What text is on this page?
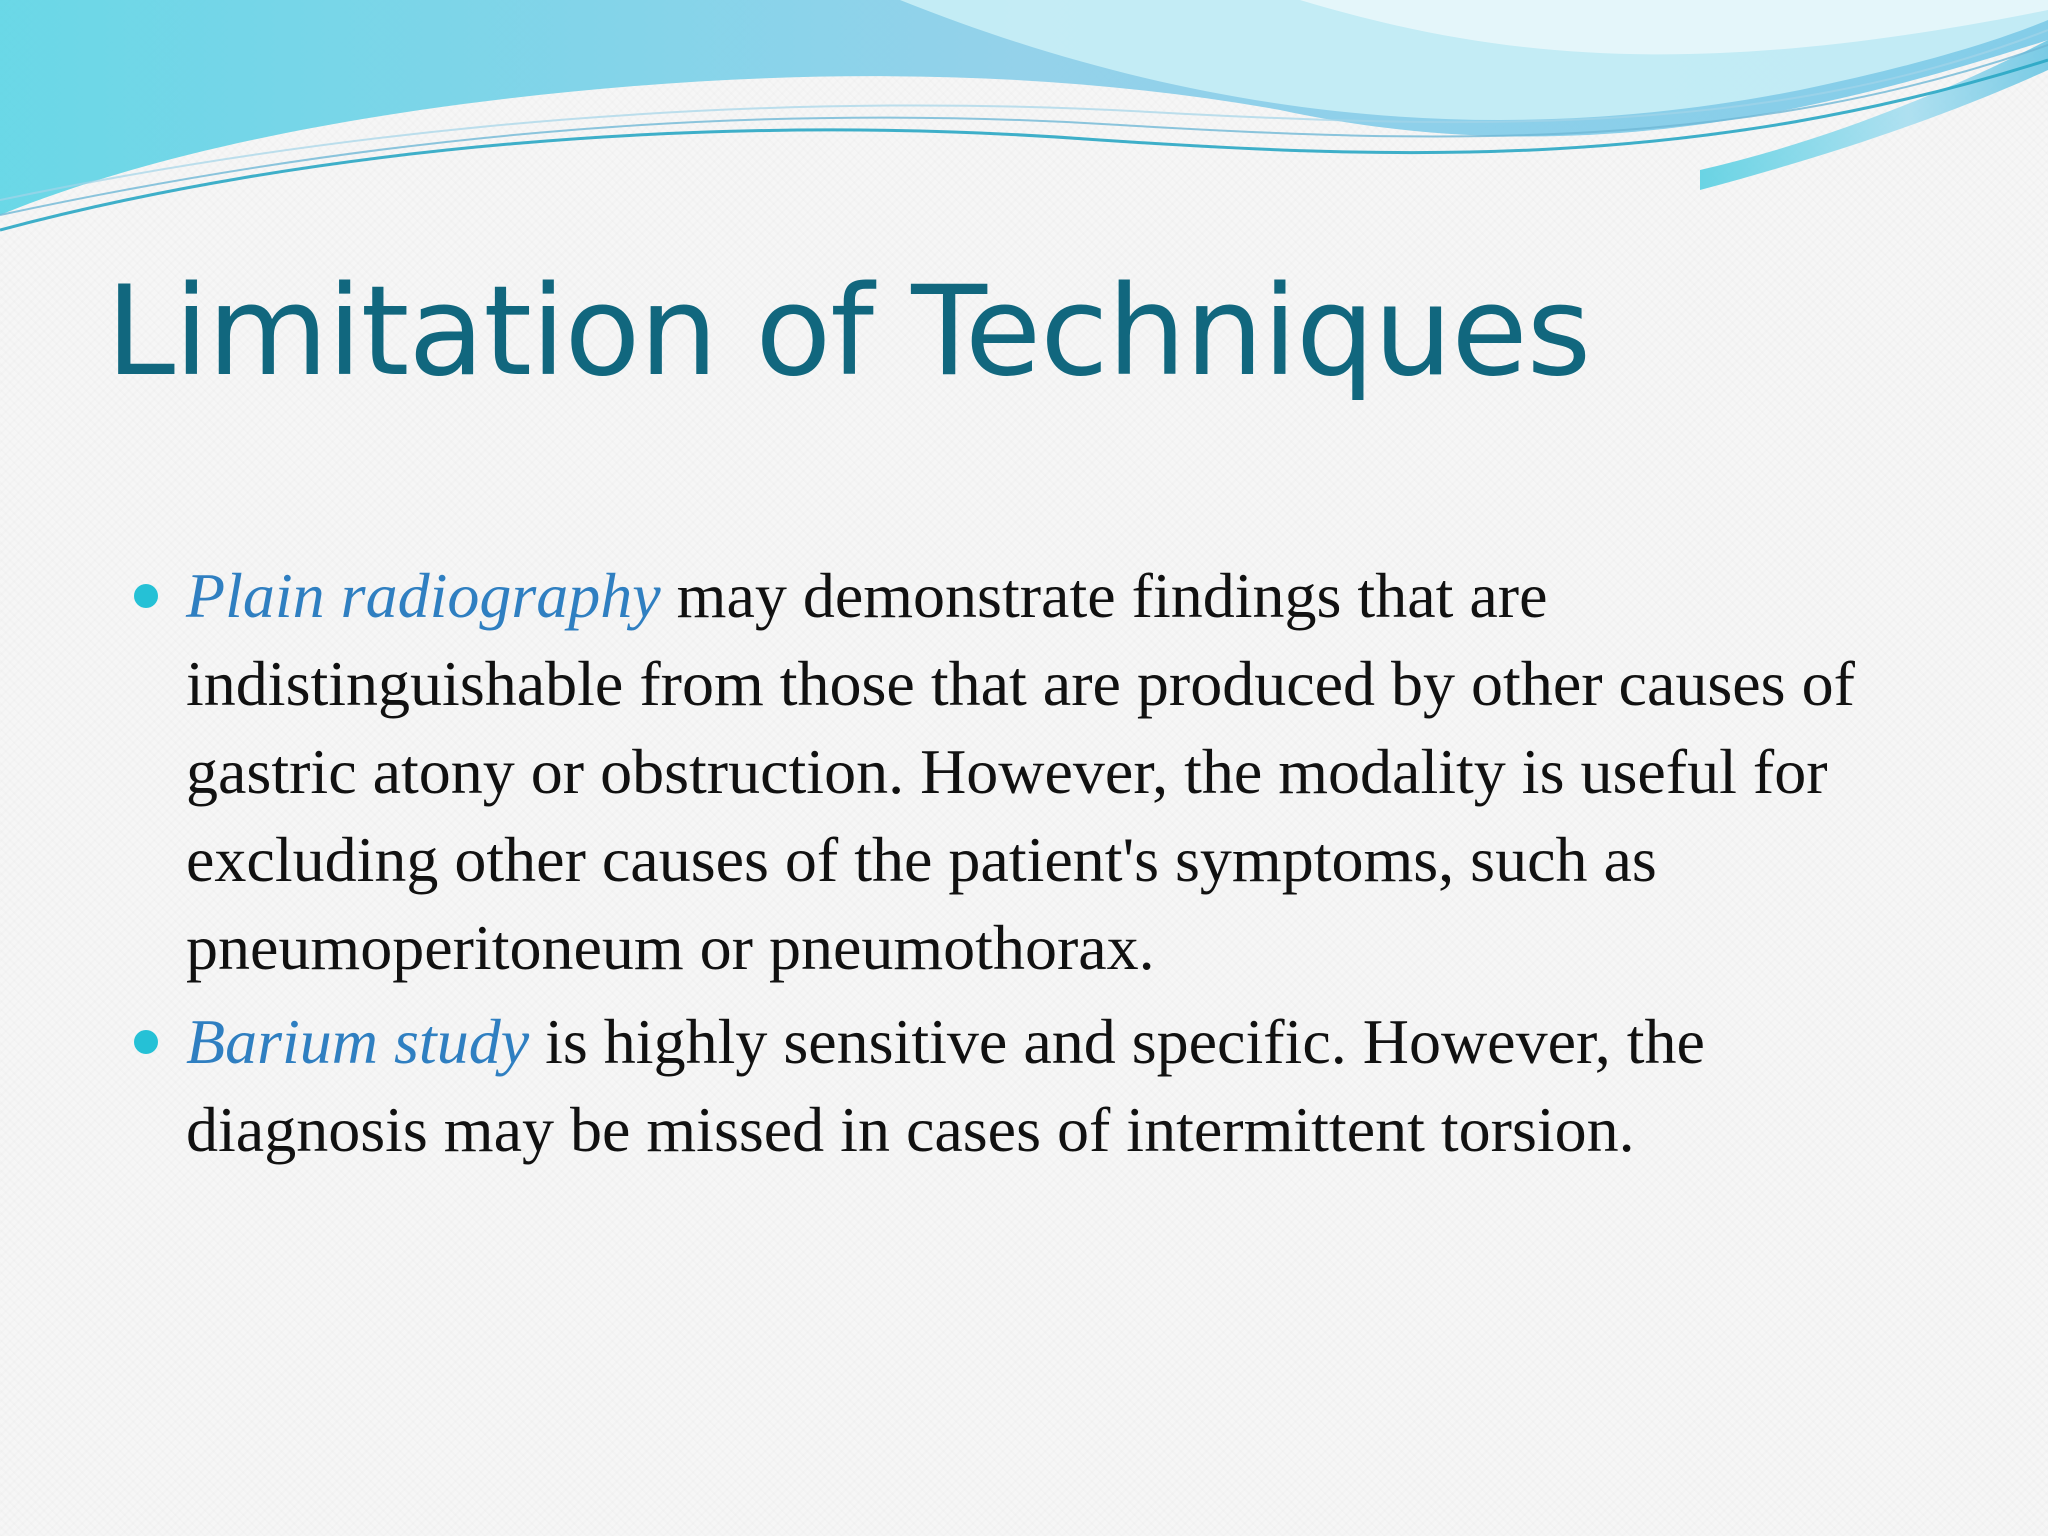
Limitation of Techniques
Plain radiography may demonstrate findings that are indistinguishable from those that are produced by other causes of gastric atony or obstruction. However, the modality is useful for excluding other causes of the patient's symptoms, such as pneumoperitoneum or pneumothorax.
Barium study is highly sensitive and specific. However, the diagnosis may be missed in cases of intermittent torsion.
